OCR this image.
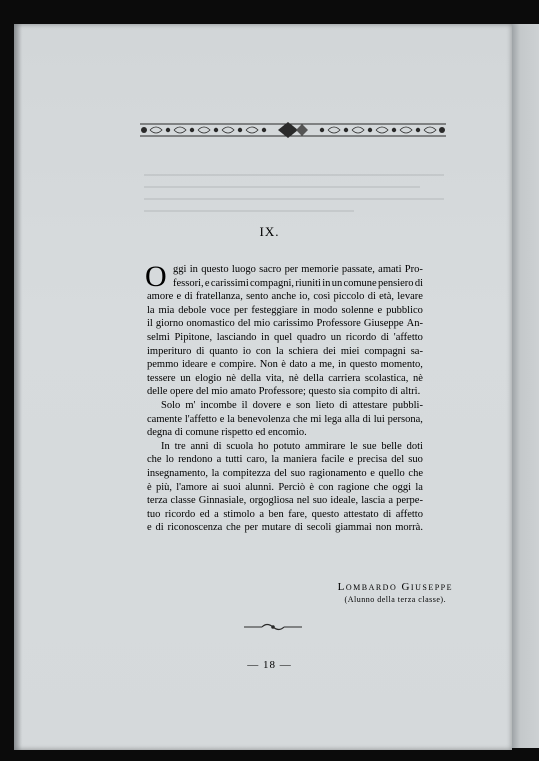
IX.
O ggi in questo luogo sacro per memorie passate, amati Pro-
fessori, e carissimi compagni, riuniti in un comune pensiero di
amore e di fratellanza, sento anche io, così piccolo di età, levare
la mia debole voce per festeggiare in modo solenne e pubblico
il giorno onomastico del mio carissimo Professore Giuseppe An-
selmi Pipitone, lasciando in quel quadro un ricordo di 'affetto
imperituro di quanto io con la schiera dei miei compagni sa-
pemmo ideare e compire. Non è dato a me, in questo momento,
tessere un elogio nè della vita, nè della carriera scolastica, nè
delle opere del mio amato Professore; questo sia compito di altri.
Solo m' incombe il dovere e son lieto di attestare pubbli-
camente l'affetto e la benevolenza che mi lega alla di lui persona,
degna di comune rispetto ed encomio.
In tre anni di scuola ho potuto ammirare le sue belle doti
che lo rendono a tutti caro, la maniera facile e precisa del suo
insegnamento, la compitezza del suo ragionamento e quello che
è più, l'amore ai suoi alunni. Perciò è con ragione che oggi la
terza classe Ginnasiale, orgogliosa nel suo ideale, lascia a perpe-
tuo ricordo ed a stimolo a ben fare, questo attestato di affetto
e di riconoscenza che per mutare di secoli giammai non morrà.
Lombardo Giuseppe
(Alunno della terza classe).
— 18 —
